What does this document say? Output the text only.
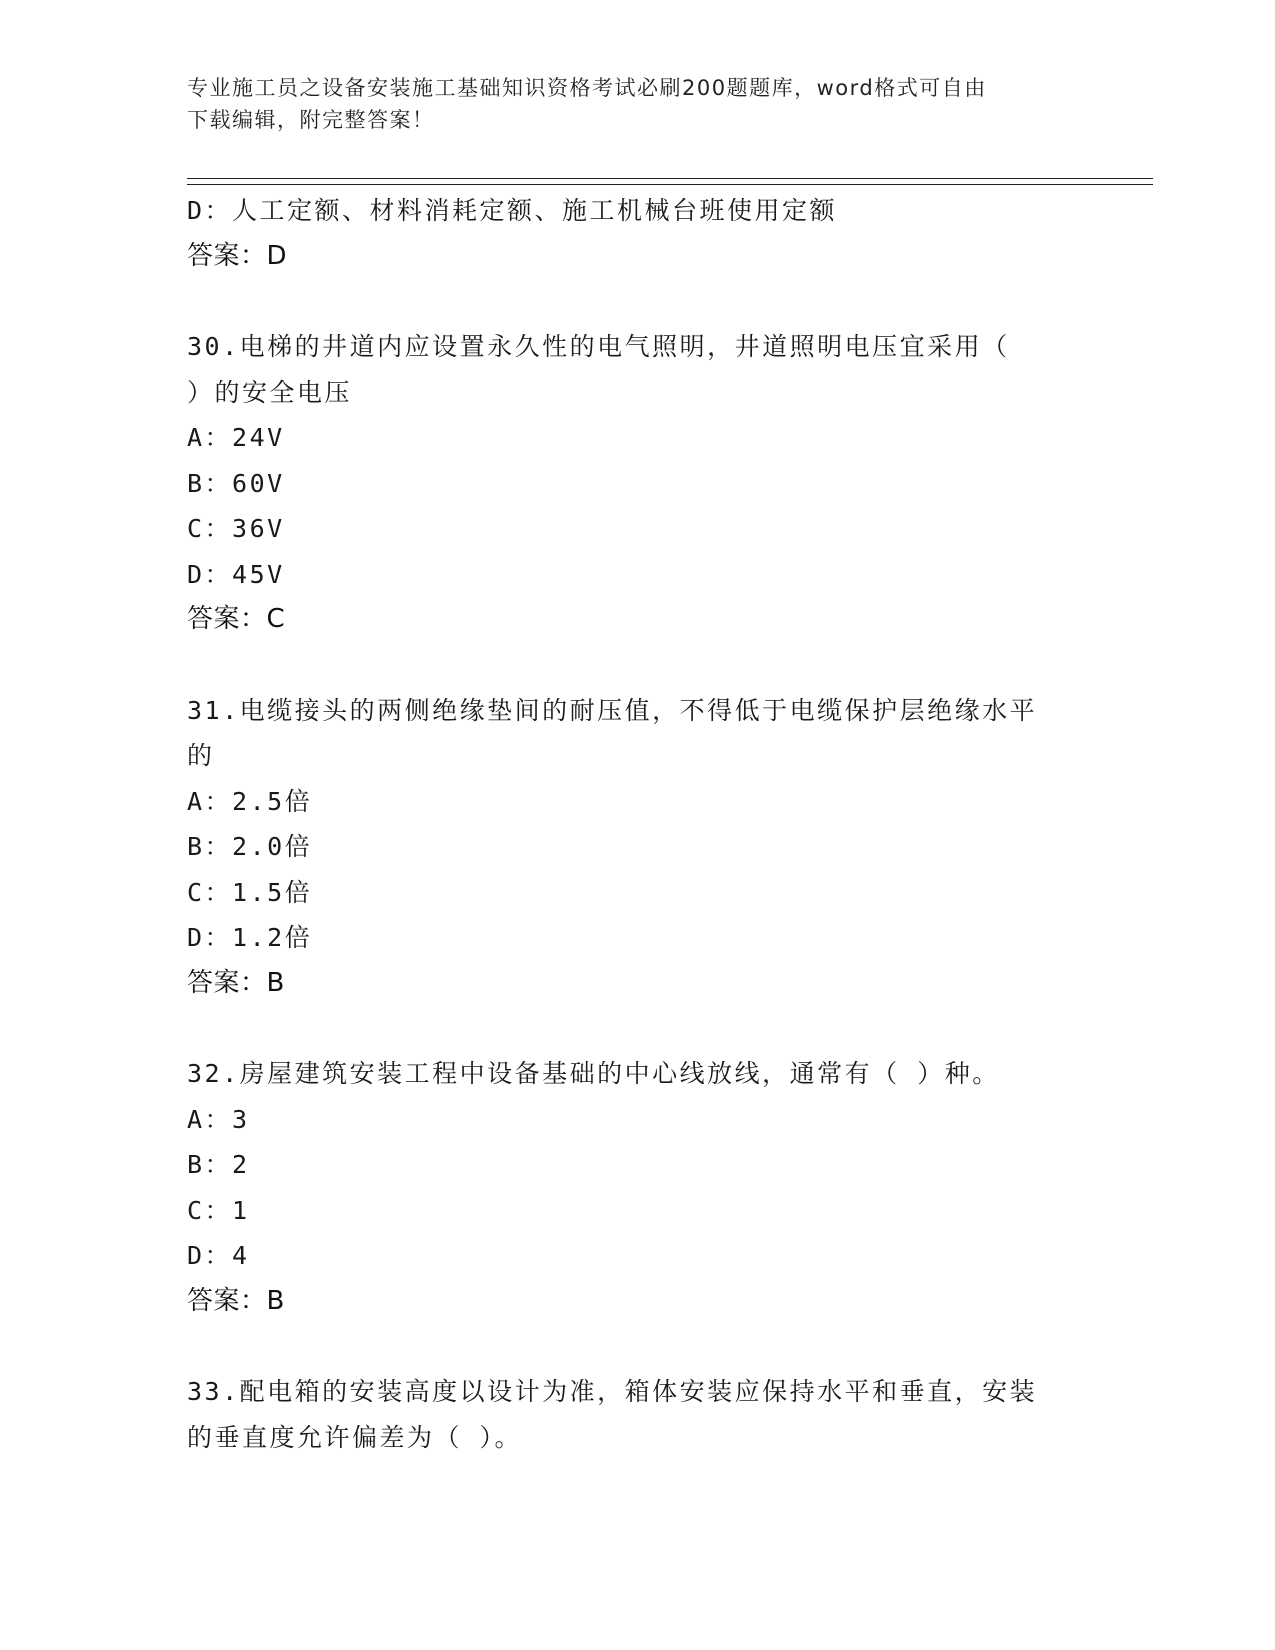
专业施工员之设备安装施工基础知识资格考试必刷200题题库，word格式可自由
下载编辑，附完整答案！
D：人工定额、材料消耗定额、施工机械台班使用定额
答案：D
30.电梯的井道内应设置永久性的电气照明，井道照明电压宜采用（
）的安全电压
A：24V
B：60V
C：36V
D：45V
答案：C
31.电缆接头的两侧绝缘垫间的耐压值，不得低于电缆保护层绝缘水平
的
A：2.5倍
B：2.0倍
C：1.5倍
D：1.2倍
答案：B
32.房屋建筑安装工程中设备基础的中心线放线，通常有（ ）种。
A：3
B：2
C：1
D：4
答案：B
33.配电箱的安装高度以设计为准，箱体安装应保持水平和垂直，安装
的垂直度允许偏差为（ ）。
